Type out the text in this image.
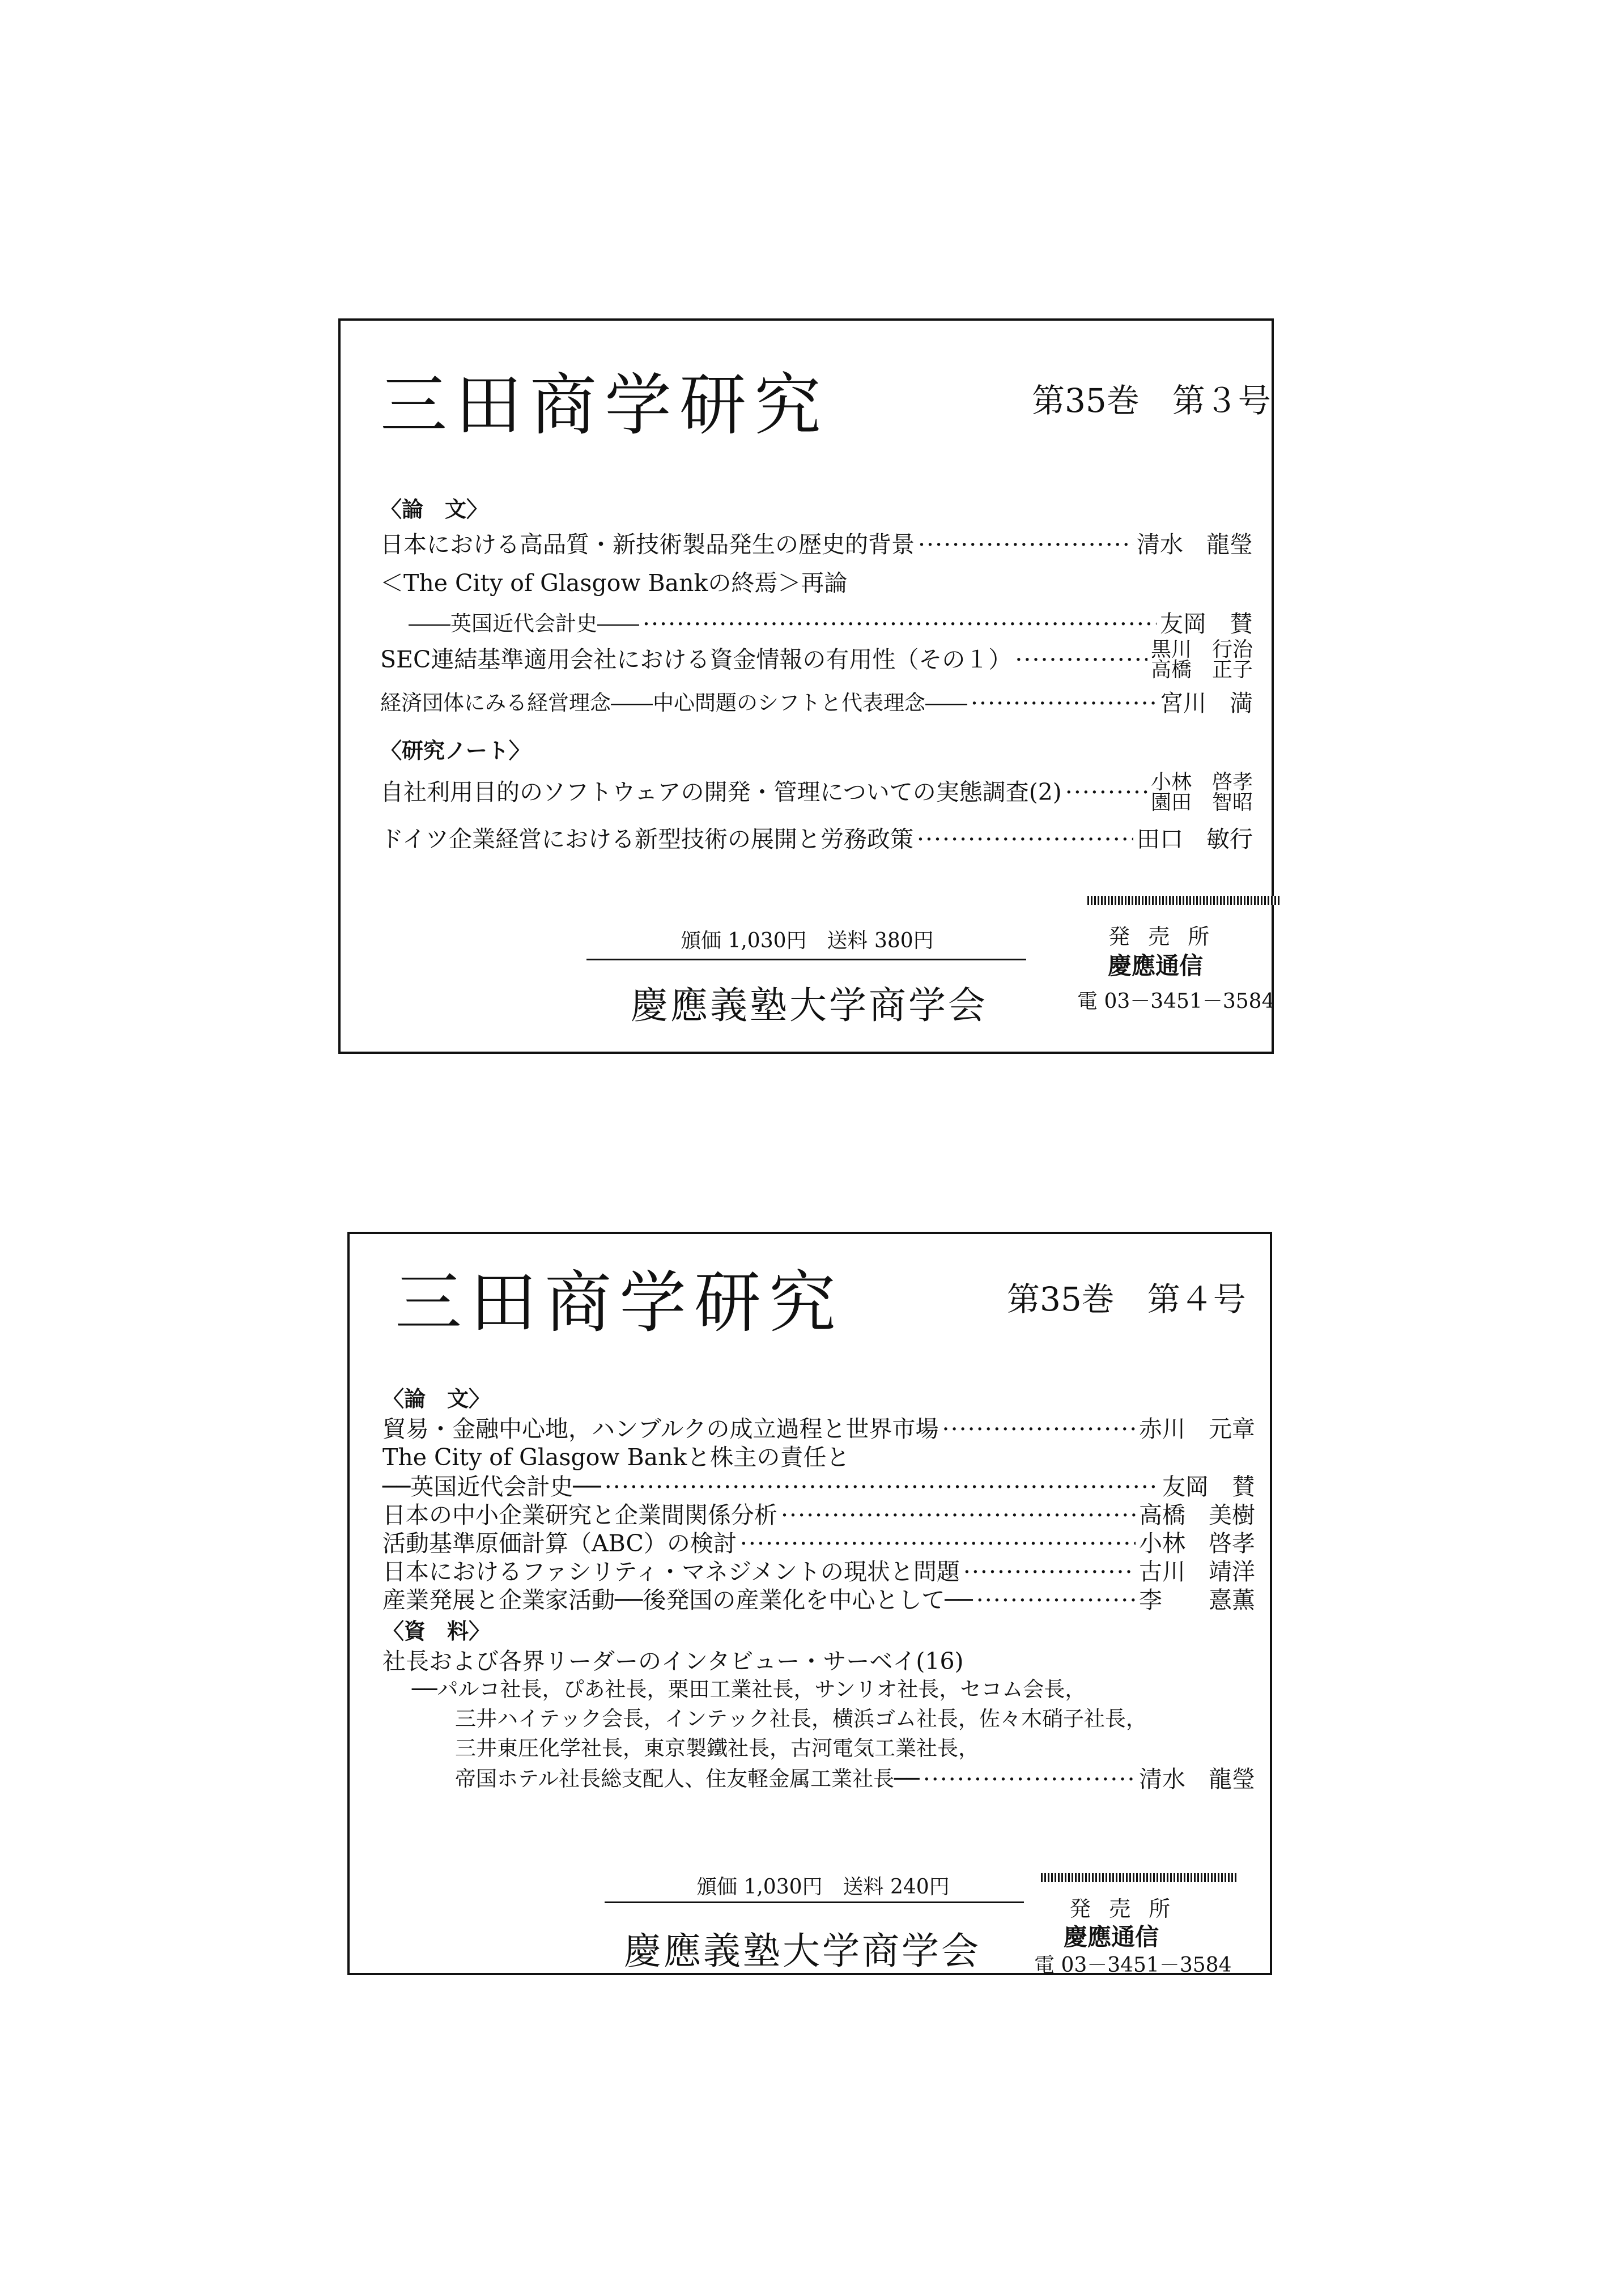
三田商学研究	第35巻　第３号
〈論　文〉
日本における高品質・新技術製品発生の歴史的背景 ·····	清水　龍瑩
＜The City of Glasgow Bankの終焉＞再論
――英国近代会計史―― ·····	友岡　賛
SEC連結基準適用会社における資金情報の有用性（その１） ·····	黒川　行治
高橋　正子
経済団体にみる経営理念――中心問題のシフトと代表理念―― ·····	宮川　満
〈研究ノート〉
自社利用目的のソフトウェアの開発・管理についての実態調査(2) ·····	小林　啓孝
園田　智昭
ドイツ企業経営における新型技術の展開と労務政策 ·····	田口　敏行
頒価 1,030円　送料 380円	発 売 所
慶應通信
慶應義塾大学商学会	電 03－3451－3584
三田商学研究	第35巻　第４号
〈論　文〉
貿易・金融中心地，ハンブルクの成立過程と世界市場 ·····	赤川　元章
The City of Glasgow Bankと株主の責任と
──英国近代会計史── ·····	友岡　賛
日本の中小企業研究と企業間関係分析 ·····	高橋　美樹
活動基準原価計算（ABC）の検討 ·····	小林　啓孝
日本におけるファシリティ・マネジメントの現状と問題 ·····	古川　靖洋
産業発展と企業家活動──後発国の産業化を中心として── ·····	李　　憙薫
〈資　料〉
社長および各界リーダーのインタビュー・サーベイ(16)
──パルコ社長，ぴあ社長，栗田工業社長，サンリオ社長，セコム会長，
三井ハイテック会長，インテック社長，横浜ゴム社長，佐々木硝子社長，
三井東圧化学社長，東京製鐵社長，古河電気工業社長，
帝国ホテル社長総支配人、住友軽金属工業社長── ·····	清水　龍瑩
頒価 1,030円　送料 240円
発 売 所
慶應通信
慶應義塾大学商学会	電 03－3451－3584
